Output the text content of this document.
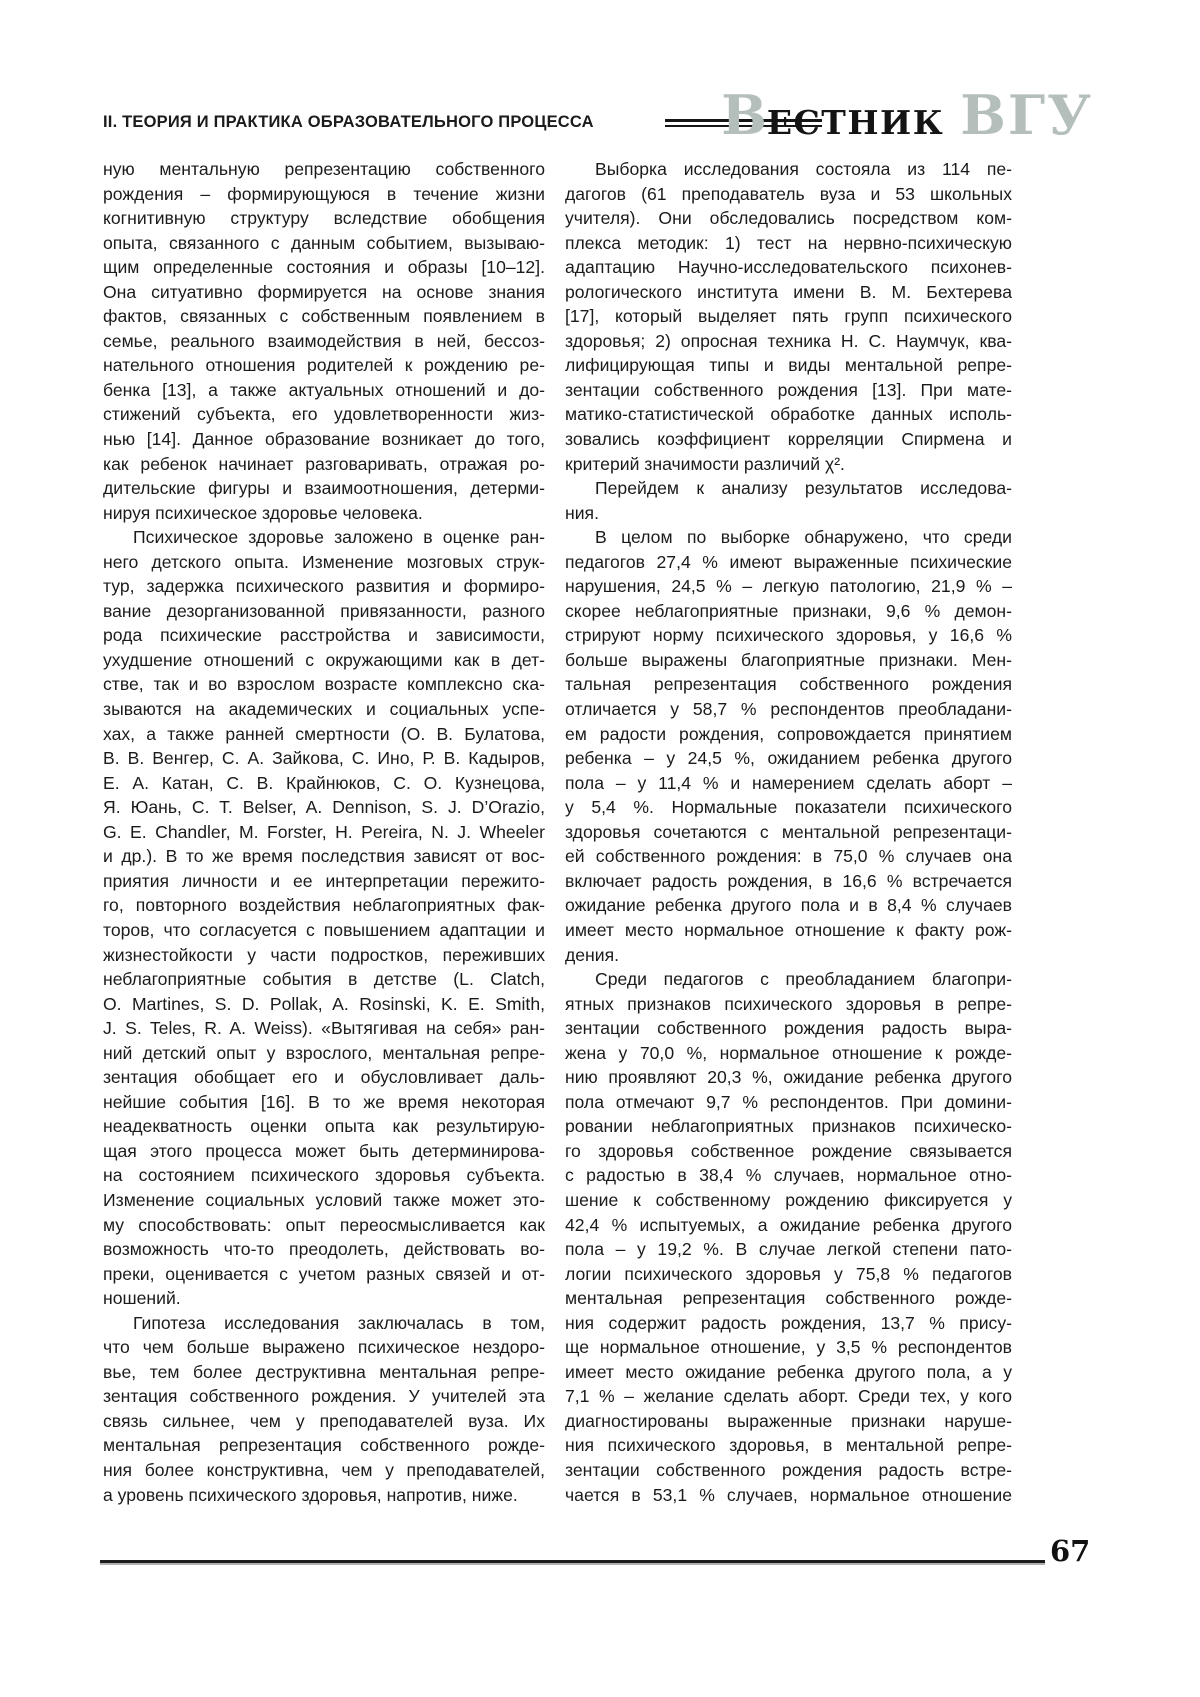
II. ТЕОРИЯ И ПРАКТИКА ОБРАЗОВАТЕЛЬНОГО ПРОЦЕССА В ЕСТНИК ВГУ
ную ментальную репрезентацию собственного
рождения – формирующуюся в течение жизни
когнитивную структуру вследствие обобщения
опыта, связанного с данным событием, вызываю-
щим определенные состояния и образы [10–12].
Она ситуативно формируется на основе знания
фактов, связанных с собственным появлением в
семье, реального взаимодействия в ней, бессоз-
нательного отношения родителей к рождению ре-
бенка [13], а также актуальных отношений и до-
стижений субъекта, его удовлетворенности жиз-
нью [14]. Данное образование возникает до того,
как ребенок начинает разговаривать, отражая ро-
дительские фигуры и взаимоотношения, детерми-
нируя психическое здоровье человека.
Психическое здоровье заложено в оценке ран-
него детского опыта. Изменение мозговых струк-
тур, задержка психического развития и формиро-
вание дезорганизованной привязанности, разного
рода психические расстройства и зависимости,
ухудшение отношений с окружающими как в дет-
стве, так и во взрослом возрасте комплексно ска-
зываются на академических и социальных успе-
хах, а также ранней смертности (О. В. Булатова,
В. В. Венгер, С. А. Зайкова, С. Ино, Р. В. Кадыров,
Е. А. Катан, С. В. Крайнюков, С. О. Кузнецова,
Я. Юань, C. T. Belser, A. Dennison, S. J. D’Orazio,
G. E. Chandler, M. Forster, H. Pereira, N. J. Wheeler
и др.). В то же время последствия зависят от вос-
приятия личности и ее интерпретации пережито-
го, повторного воздействия неблагоприятных фак-
торов, что согласуется с повышением адаптации и
жизнестойкости у части подростков, переживших
неблагоприятные события в детстве (L. Clatch,
O. Martines, S. D. Pollak, A. Rosinski, K. E. Smith,
J. S. Teles, R. A. Weiss). «Вытягивая на себя» ран-
ний детский опыт у взрослого, ментальная репре-
зентация обобщает его и обусловливает даль-
нейшие события [16]. В то же время некоторая
неадекватность оценки опыта как результирую-
щая этого процесса может быть детерминирова-
на состоянием психического здоровья субъекта.
Изменение социальных условий также может это-
му способствовать: опыт переосмысливается как
возможность что-то преодолеть, действовать во-
преки, оценивается с учетом разных связей и от-
ношений.
Гипотеза исследования заключалась в том,
что чем больше выражено психическое нездоро-
вье, тем более деструктивна ментальная репре-
зентация собственного рождения. У учителей эта
связь сильнее, чем у преподавателей вуза. Их
ментальная репрезентация собственного рожде-
ния более конструктивна, чем у преподавателей,
а уровень психического здоровья, напротив, ниже.
Выборка исследования состояла из 114 пе-
дагогов (61 преподаватель вуза и 53 школьных
учителя). Они обследовались посредством ком-
плекса методик: 1) тест на нервно-психическую
адаптацию Научно-исследовательского психонев-
рологического института имени В. М. Бехтерева
[17], который выделяет пять групп психического
здоровья; 2) опросная техника Н. С. Наумчук, ква-
лифицирующая типы и виды ментальной репре-
зентации собственного рождения [13]. При мате-
матико-статистической обработке данных исполь-
зовались коэффициент корреляции Спирмена и
критерий значимости различий χ².
Перейдем к анализу результатов исследова-
ния.
В целом по выборке обнаружено, что среди
педагогов 27,4 % имеют выраженные психические
нарушения, 24,5 % – легкую патологию, 21,9 % –
скорее неблагоприятные признаки, 9,6 % демон-
стрируют норму психического здоровья, у 16,6 %
больше выражены благоприятные признаки. Мен-
тальная репрезентация собственного рождения
отличается у 58,7 % респондентов преобладани-
ем радости рождения, сопровождается принятием
ребенка – у 24,5 %, ожиданием ребенка другого
пола – у 11,4 % и намерением сделать аборт –
у 5,4 %. Нормальные показатели психического
здоровья сочетаются с ментальной репрезентаци-
ей собственного рождения: в 75,0 % случаев она
включает радость рождения, в 16,6 % встречается
ожидание ребенка другого пола и в 8,4 % случаев
имеет место нормальное отношение к факту рож-
дения.
Среди педагогов с преобладанием благопри-
ятных признаков психического здоровья в репре-
зентации собственного рождения радость выра-
жена у 70,0 %, нормальное отношение к рожде-
нию проявляют 20,3 %, ожидание ребенка другого
пола отмечают 9,7 % респондентов. При домини-
ровании неблагоприятных признаков психическо-
го здоровья собственное рождение связывается
с радостью в 38,4 % случаев, нормальное отно-
шение к собственному рождению фиксируется у
42,4 % испытуемых, а ожидание ребенка другого
пола – у 19,2 %. В случае легкой степени пато-
логии психического здоровья у 75,8 % педагогов
ментальная репрезентация собственного рожде-
ния содержит радость рождения, 13,7 % прису-
ще нормальное отношение, у 3,5 % респондентов
имеет место ожидание ребенка другого пола, а у
7,1 % – желание сделать аборт. Среди тех, у кого
диагностированы выраженные признаки наруше-
ния психического здоровья, в ментальной репре-
зентации собственного рождения радость встре-
чается в 53,1 % случаев, нормальное отношение
67
